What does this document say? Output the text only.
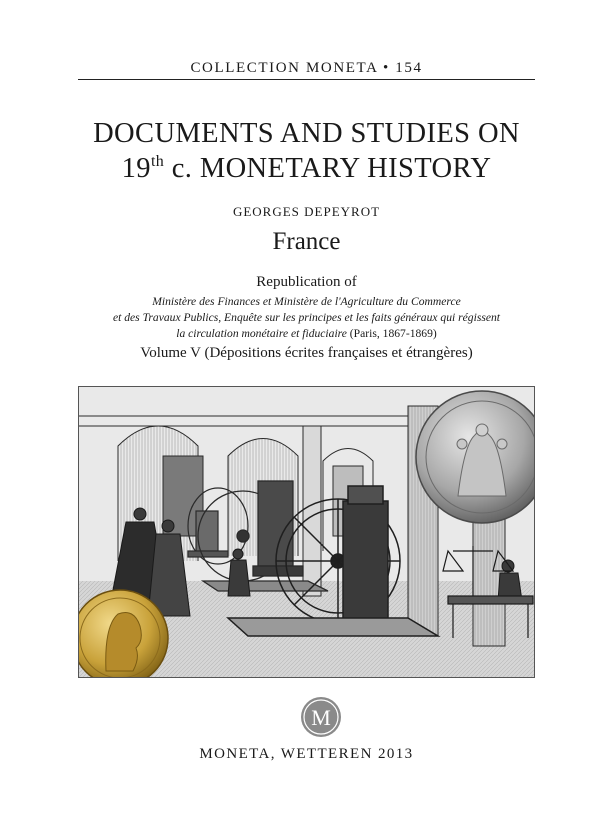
COLLECTION MONETA • 154
DOCUMENTS AND STUDIES ON
19th c. MONETARY HISTORY
GEORGES DEPEYROT
France
Republication of
Ministère des Finances et Ministère de l'Agriculture du Commerce
et des Travaux Publics, Enquête sur les principes et les faits généraux qui régissent
la circulation monétaire et fiduciaire (Paris, 1867-1869)
Volume V (Dépositions écrites françaises et étrangères)
M
MONETA, WETTEREN 2013
